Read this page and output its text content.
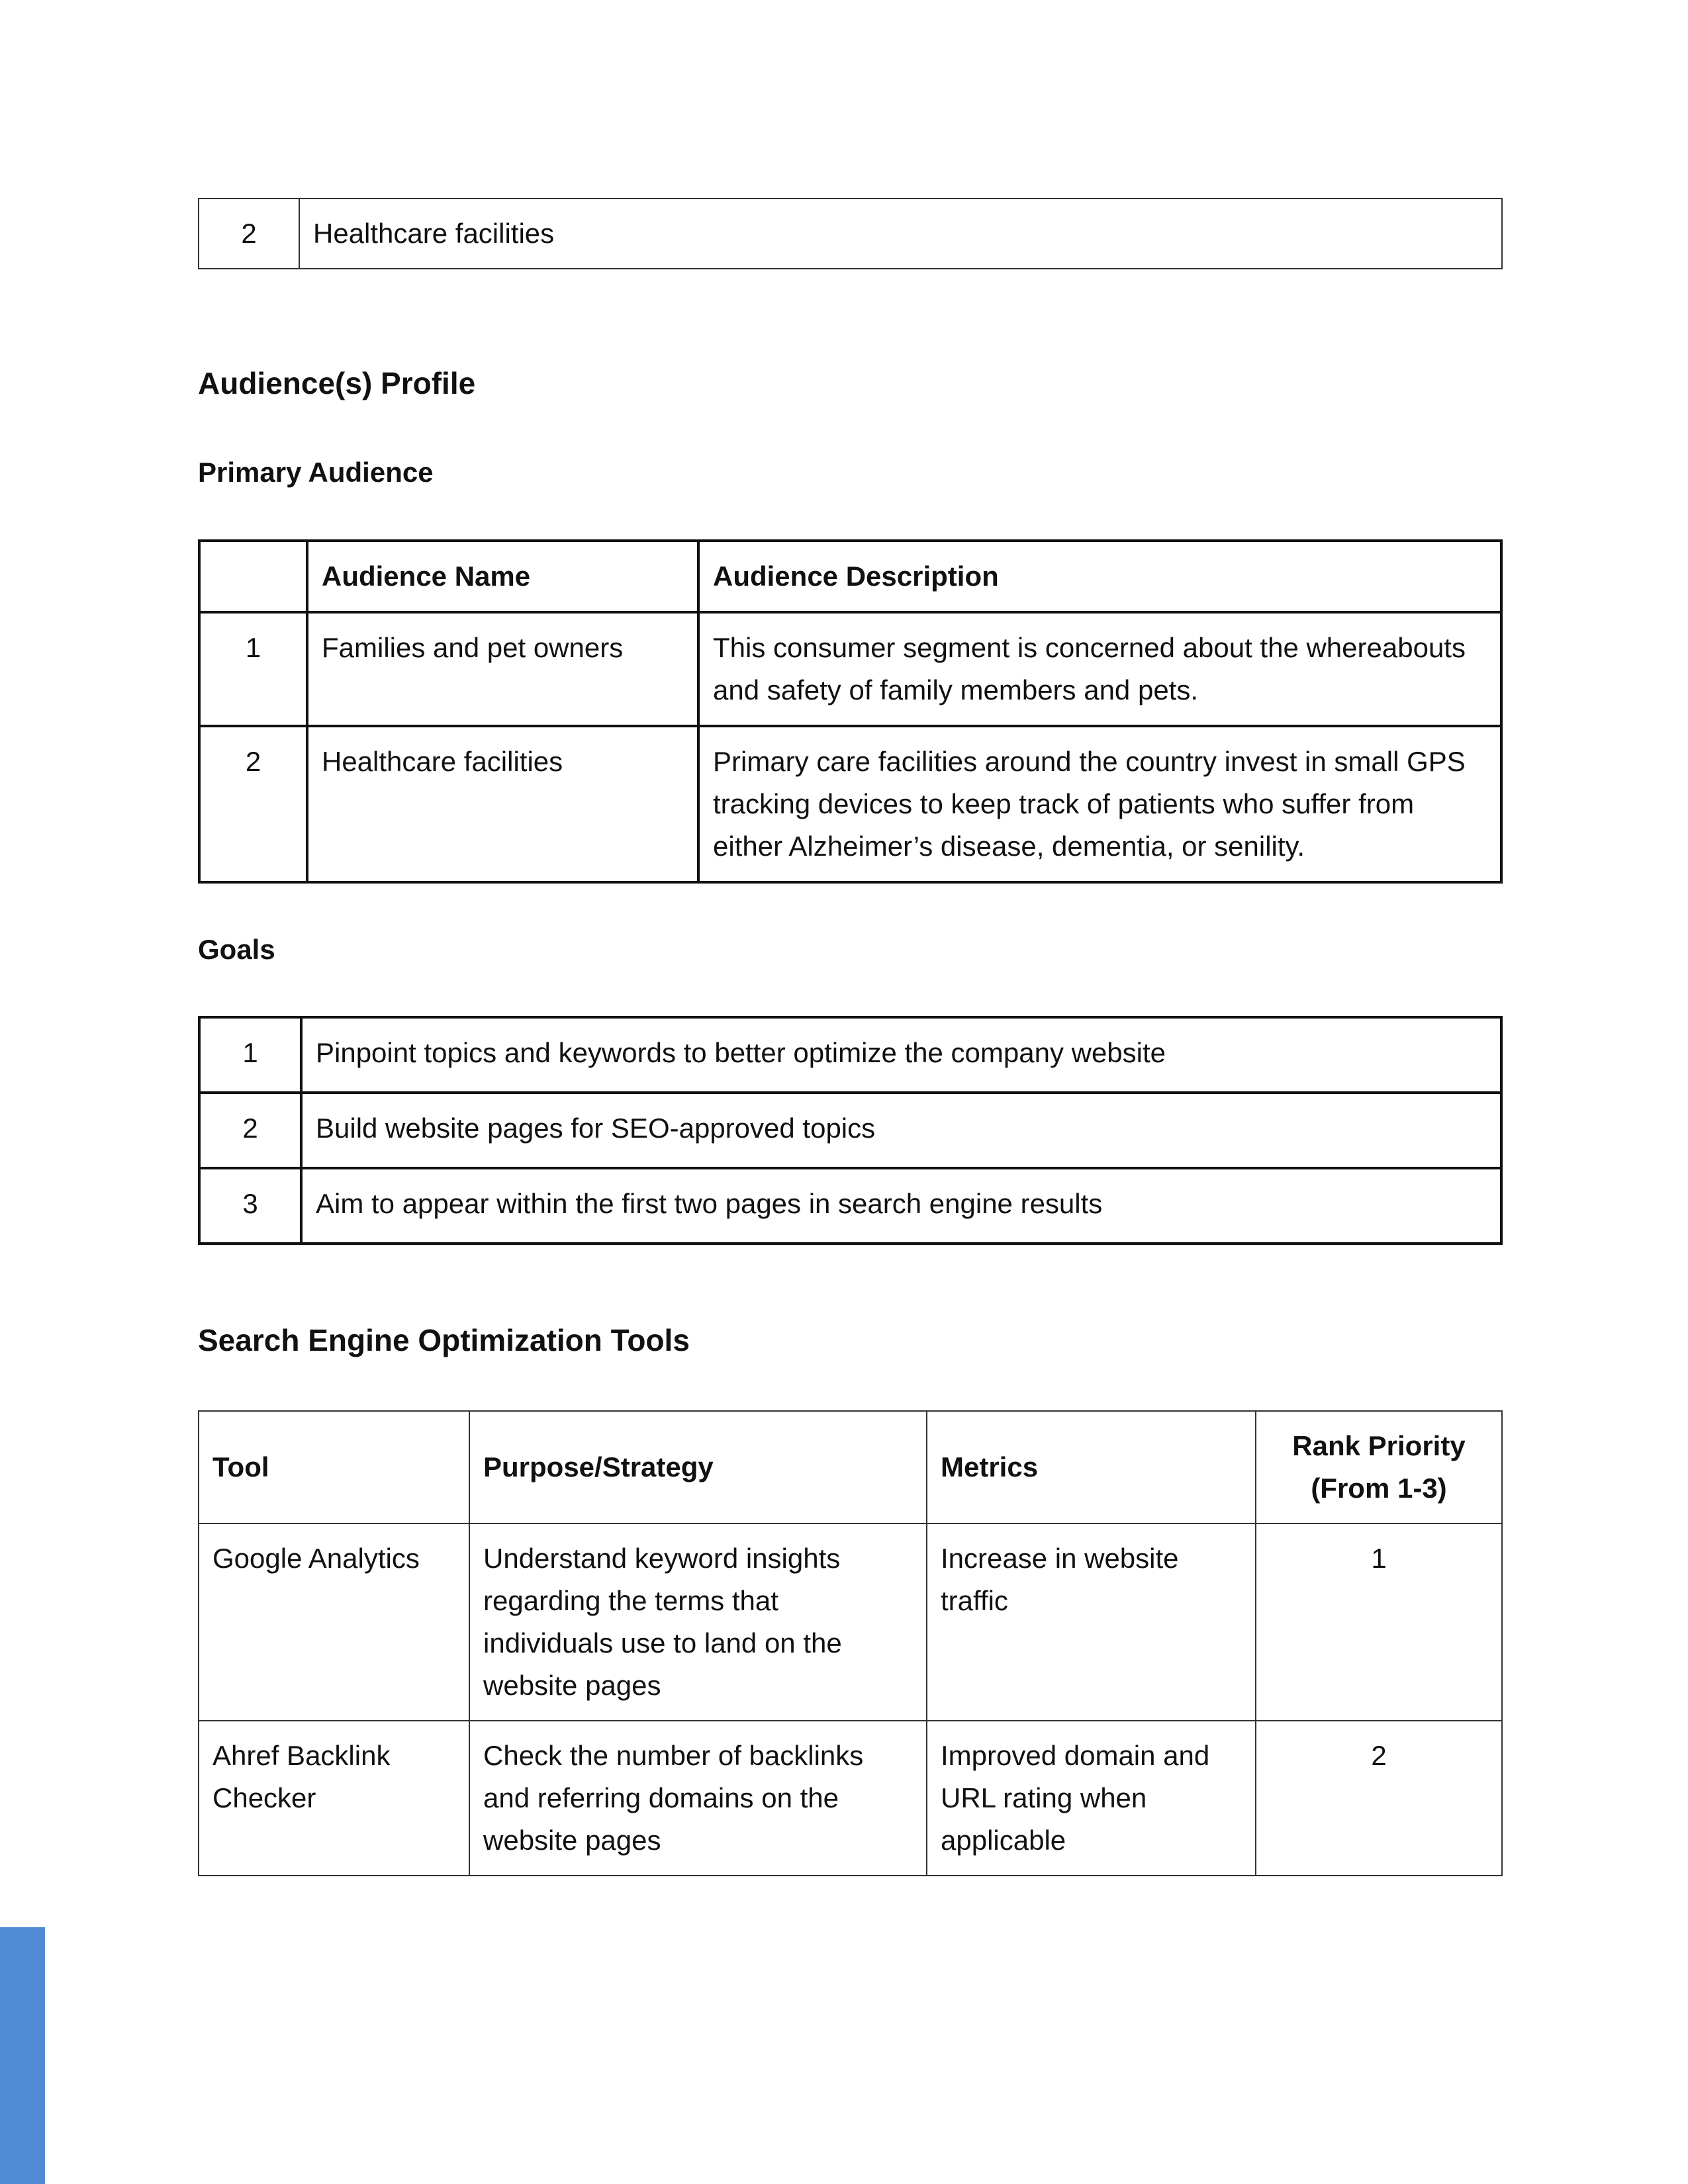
2	Healthcare facilities
Audience(s) Profile
Primary Audience
	Audience Name	Audience Description
1	Families and pet owners	This consumer segment is concerned about the whereabouts and safety of family members and pets.
2	Healthcare facilities	Primary care facilities around the country invest in small GPS tracking devices to keep track of patients who suffer from either Alzheimer’s disease, dementia, or senility.
Goals
1	Pinpoint topics and keywords to better optimize the company website
2	Build website pages for SEO-approved topics
3	Aim to appear within the first two pages in search engine results
Search Engine Optimization Tools
Tool	Purpose/Strategy	Metrics	Rank Priority (From 1-3)
Google Analytics	Understand keyword insights regarding the terms that individuals use to land on the website pages	Increase in website traffic	1
Ahref Backlink Checker	Check the number of backlinks and referring domains on the website pages	Improved domain and URL rating when applicable	2
